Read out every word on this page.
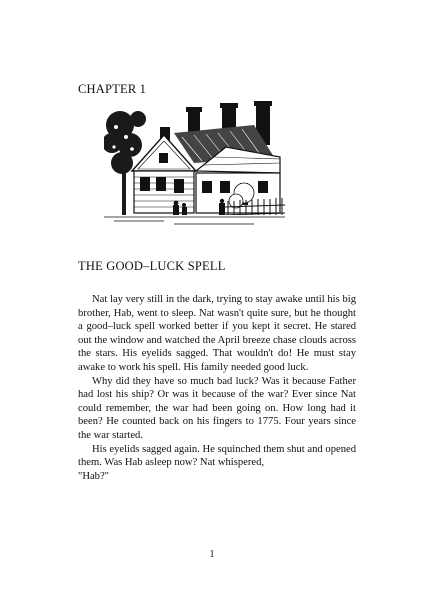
CHAPTER 1
THE GOOD–LUCK SPELL

Nat lay very still in the dark, trying to stay awake until his big brother, Hab, went to sleep. Nat wasn't quite sure, but he thought a good–luck spell worked better if you kept it secret. He stared out the window and watched the April breeze chase clouds across the stars. His eyelids sagged. That wouldn't do! He must stay awake to work his spell. His family needed good luck.

Why did they have so much bad luck? Was it because Father had lost his ship? Or was it because of the war? Ever since Nat could remember, the war had been going on. How long had it been? He counted back on his fingers to 1775. Four years since the war started.

His eyelids sagged again. He squinched them shut and opened them. Was Hab asleep now? Nat whispered,

"Hab?"

1
